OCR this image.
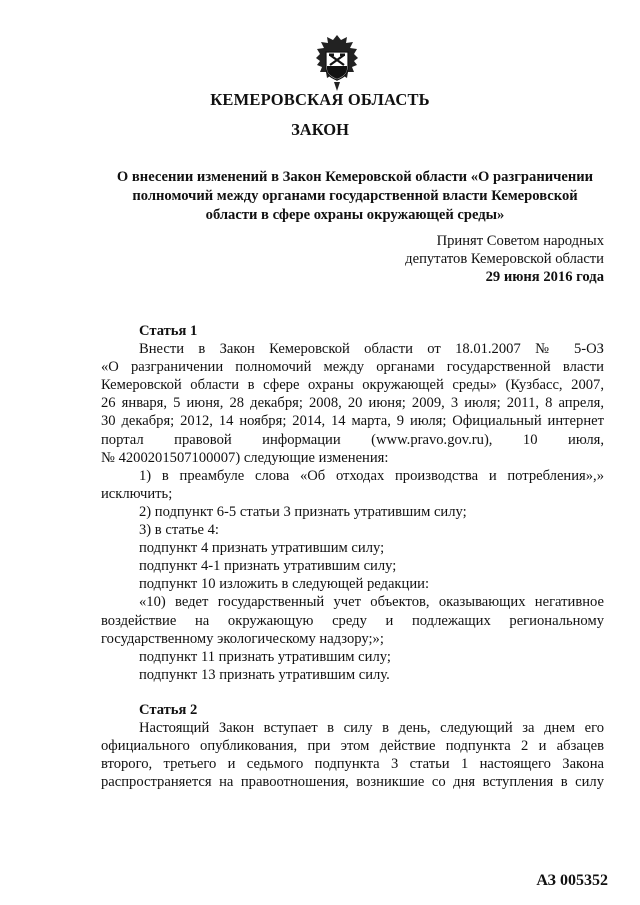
КЕМЕРОВСКАЯ ОБЛАСТЬ
ЗАКОН
О внесении изменений в Закон Кемеровской области «О разграничении
полномочий между органами государственной власти Кемеровской
области в сфере охраны окружающей среды»
Принят Советом народных
депутатов Кемеровской области
29 июня 2016 года
Статья 1
Внести в Закон Кемеровской области от 18.01.2007 № 5-ОЗ
«О разграничении полномочий между органами государственной власти
Кемеровской области в сфере охраны окружающей среды» (Кузбасс, 2007,
26 января, 5 июня, 28 декабря; 2008, 20 июня; 2009, 3 июля; 2011, 8 апреля,
30 декабря; 2012, 14 ноября; 2014, 14 марта, 9 июля; Официальный интернет
портал правовой информации (www.pravo.gov.ru), 10 июля,
№ 4200201507100007) следующие изменения:
1) в преамбуле слова «Об отходах производства и потребления»,»
исключить;
2) подпункт 6-5 статьи 3 признать утратившим силу;
3) в статье 4:
подпункт 4 признать утратившим силу;
подпункт 4-1 признать утратившим силу;
подпункт 10 изложить в следующей редакции:
«10) ведет государственный учет объектов, оказывающих негативное
воздействие на окружающую среду и подлежащих региональному
государственному экологическому надзору;»;
подпункт 11 признать утратившим силу;
подпункт 13 признать утратившим силу.
Статья 2
Настоящий Закон вступает в силу в день, следующий за днем его
официального опубликования, при этом действие подпункта 2 и абзацев
второго, третьего и седьмого подпункта 3 статьи 1 настоящего Закона
распространяется на правоотношения, возникшие со дня вступления в силу
АЗ 005352
